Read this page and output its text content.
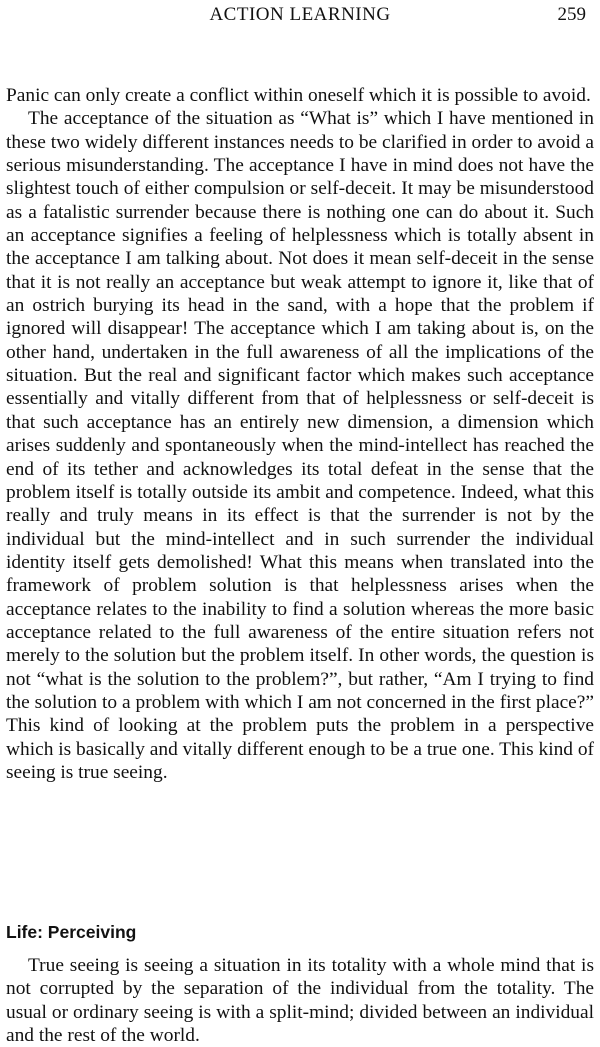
ACTION LEARNING	259

Panic can only create a conflict within oneself which it is possible to avoid.

The acceptance of the situation as “What is” which I have mentioned in these two widely different instances needs to be clarified in order to avoid a serious misunderstanding. The acceptance I have in mind does not have the slightest touch of either compulsion or self-deceit. It may be misunderstood as a fatalistic surrender because there is nothing one can do about it. Such an acceptance signifies a feeling of helplessness which is totally absent in the acceptance I am talking about. Not does it mean self-deceit in the sense that it is not really an acceptance but weak attempt to ignore it, like that of an ostrich burying its head in the sand, with a hope that the problem if ignored will disappear! The acceptance which I am taking about is, on the other hand, undertaken in the full awareness of all the implications of the situation. But the real and significant factor which makes such acceptance essentially and vitally different from that of helplessness or self-deceit is that such acceptance has an entirely new dimension, a dimension which arises suddenly and spontaneously when the mind-intellect has reached the end of its tether and acknowledges its total defeat in the sense that the problem itself is totally outside its ambit and competence. Indeed, what this really and truly means in its effect is that the surrender is not by the individual but the mind-intellect and in such surrender the individual identity itself gets demolished! What this means when translated into the framework of problem solution is that helplessness arises when the acceptance relates to the inability to find a solution whereas the more basic acceptance related to the full awareness of the entire situation refers not merely to the solution but the problem itself. In other words, the question is not “what is the solution to the problem?”, but rather, “Am I trying to find the solution to a problem with which I am not concerned in the first place?” This kind of looking at the problem puts the problem in a perspective which is basically and vitally different enough to be a true one. This kind of seeing is true seeing.

Life: Perceiving

True seeing is seeing a situation in its totality with a whole mind that is not corrupted by the separation of the individual from the totality. The usual or ordinary seeing is with a split-mind; divided between an individual and the rest of the world.
